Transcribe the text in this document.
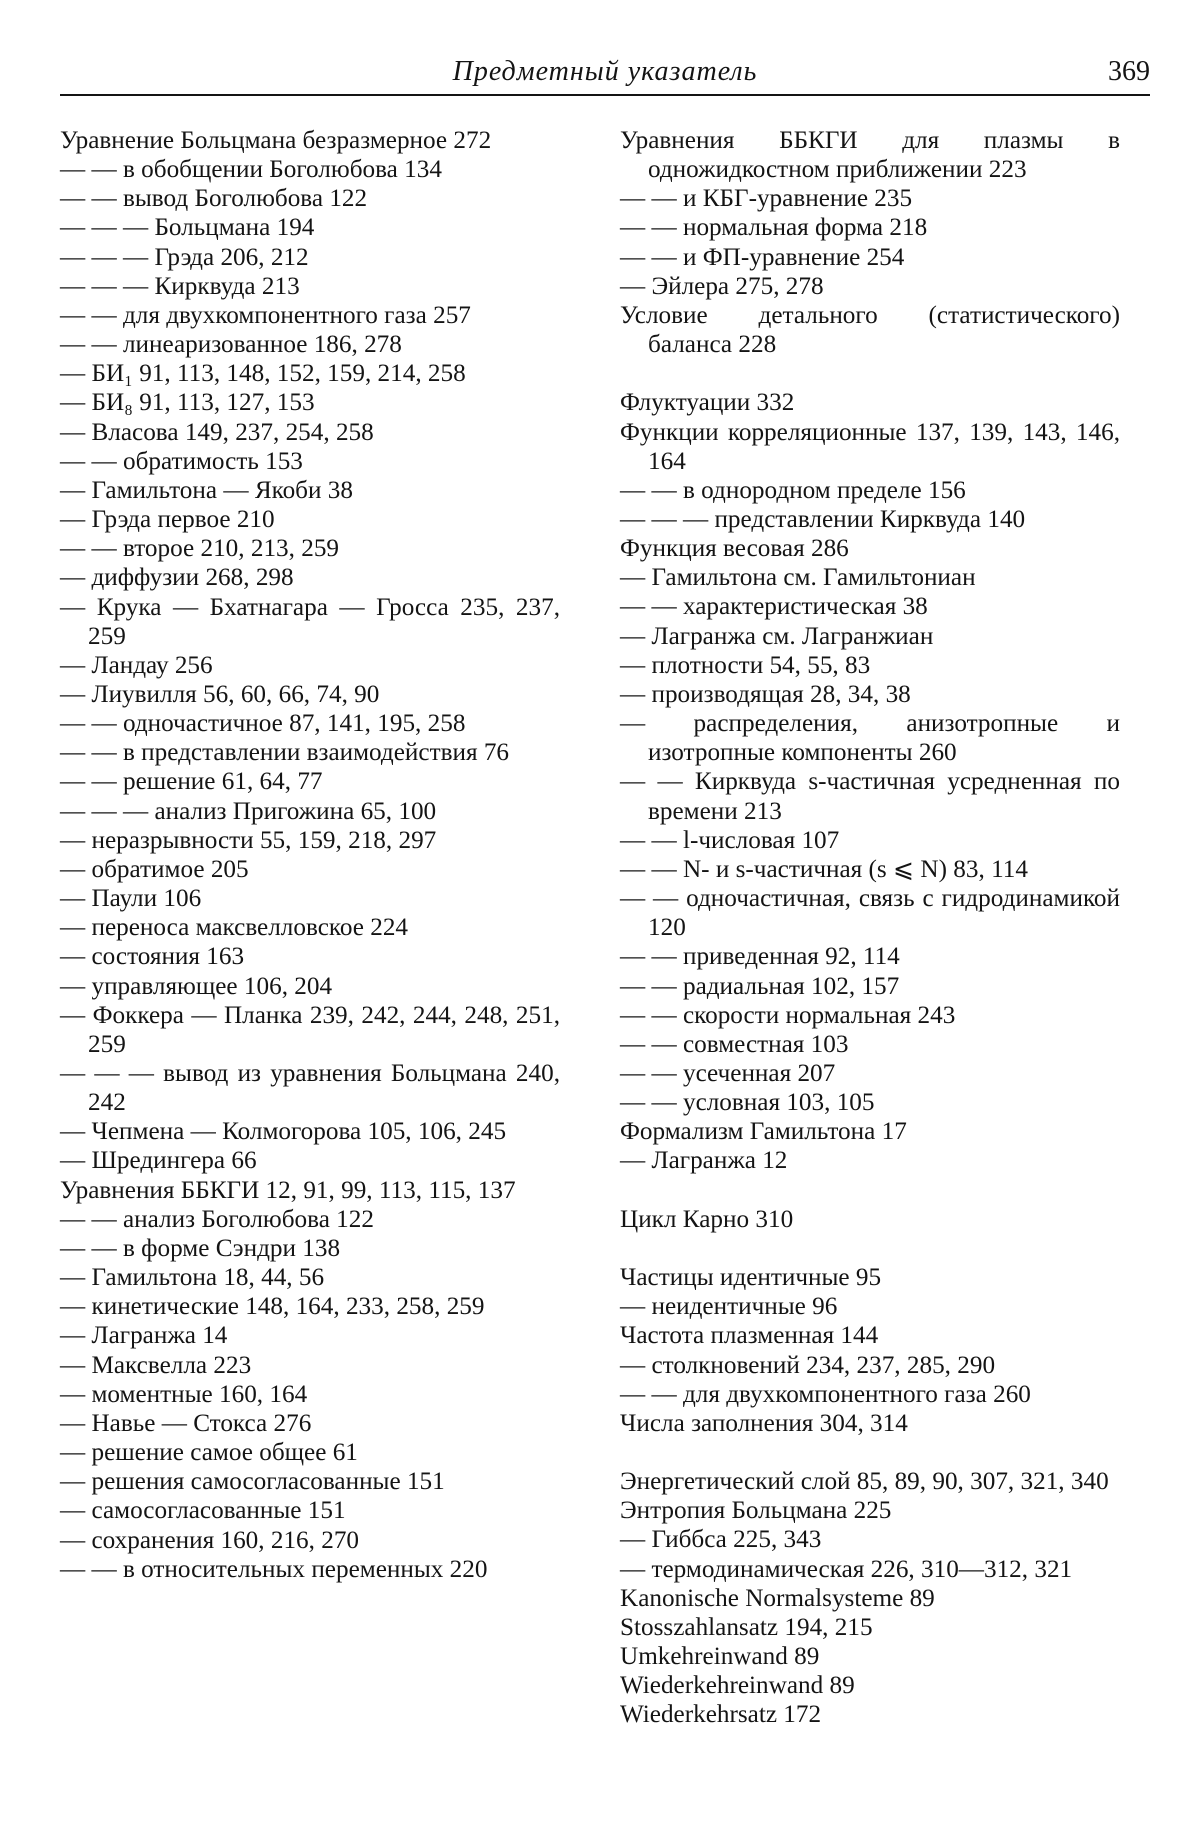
Предметный указатель	369
Уравнение Больцмана безразмерное 272
— — в обобщении Боголюбова 134
— — вывод Боголюбова 122
— — — Больцмана 194
— — — Грэда 206, 212
— — — Кирквуда 213
— — для двухкомпонентного газа 257
— — линеаризованное 186, 278
— БИ₁ 91, 113, 148, 152, 159, 214, 258
— БИ₈ 91, 113, 127, 153
— Власова 149, 237, 254, 258
— — обратимость 153
— Гамильтона — Якоби 38
— Грэда первое 210
— — второе 210, 213, 259
— диффузии 268, 298
— Крука — Бхатнагара — Гросса 235, 237, 259
— Ландау 256
— Лиувилля 56, 60, 66, 74, 90
— — одночастичное 87, 141, 195, 258
— — в представлении взаимодействия 76
— — решение 61, 64, 77
— — — анализ Пригожина 65, 100
— неразрывности 55, 159, 218, 297
— обратимое 205
— Паули 106
— переноса максвелловское 224
— состояния 163
— управляющее 106, 204
— Фоккера — Планка 239, 242, 244, 248, 251, 259
— — — вывод из уравнения Больцмана 240, 242
— Чепмена — Колмогорова 105, 106, 245
— Шредингера 66
Уравнения ББКГИ 12, 91, 99, 113, 115, 137
— — анализ Боголюбова 122
— — в форме Сэндри 138
— Гамильтона 18, 44, 56
— кинетические 148, 164, 233, 258, 259
— Лагранжа 14
— Максвелла 223
— моментные 160, 164
— Навье — Стокса 276
— решение самое общее 61
— решения самосогласованные 151
— самосогласованные 151
— сохранения 160, 216, 270
— — в относительных переменных 220
Уравнения ББКГИ для плазмы в одножидкостном приближении 223
— — и КБГ-уравнение 235
— — нормальная форма 218
— — и ФП-уравнение 254
— Эйлера 275, 278
Условие детального (статистического) баланса 228
Флуктуации 332
Функции корреляционные 137, 139, 143, 146, 164
— — в однородном пределе 156
— — — представлении Кирквуда 140
Функция весовая 286
— Гамильтона см. Гамильтониан
— — характеристическая 38
— Лагранжа см. Лагранжиан
— плотности 54, 55, 83
— производящая 28, 34, 38
— распределения, анизотропные и изотропные компоненты 260
— — Кирквуда s-частичная усредненная по времени 213
— — l-числовая 107
— — N- и s-частичная (s ⩽ N) 83, 114
— — одночастичная, связь с гидродинамикой 120
— — приведенная 92, 114
— — радиальная 102, 157
— — скорости нормальная 243
— — совместная 103
— — усеченная 207
— — условная 103, 105
Формализм Гамильтона 17
— Лагранжа 12
Цикл Карно 310
Частицы идентичные 95
— неидентичные 96
Частота плазменная 144
— столкновений 234, 237, 285, 290
— — для двухкомпонентного газа 260
Числа заполнения 304, 314
Энергетический слой 85, 89, 90, 307, 321, 340
Энтропия Больцмана 225
— Гиббса 225, 343
— термодинамическая 226, 310—312, 321
Kanonische Normalsysteme 89
Stosszahlansatz 194, 215
Umkehreinwand 89
Wiederkehreinwand 89
Wiederkehrsatz 172
